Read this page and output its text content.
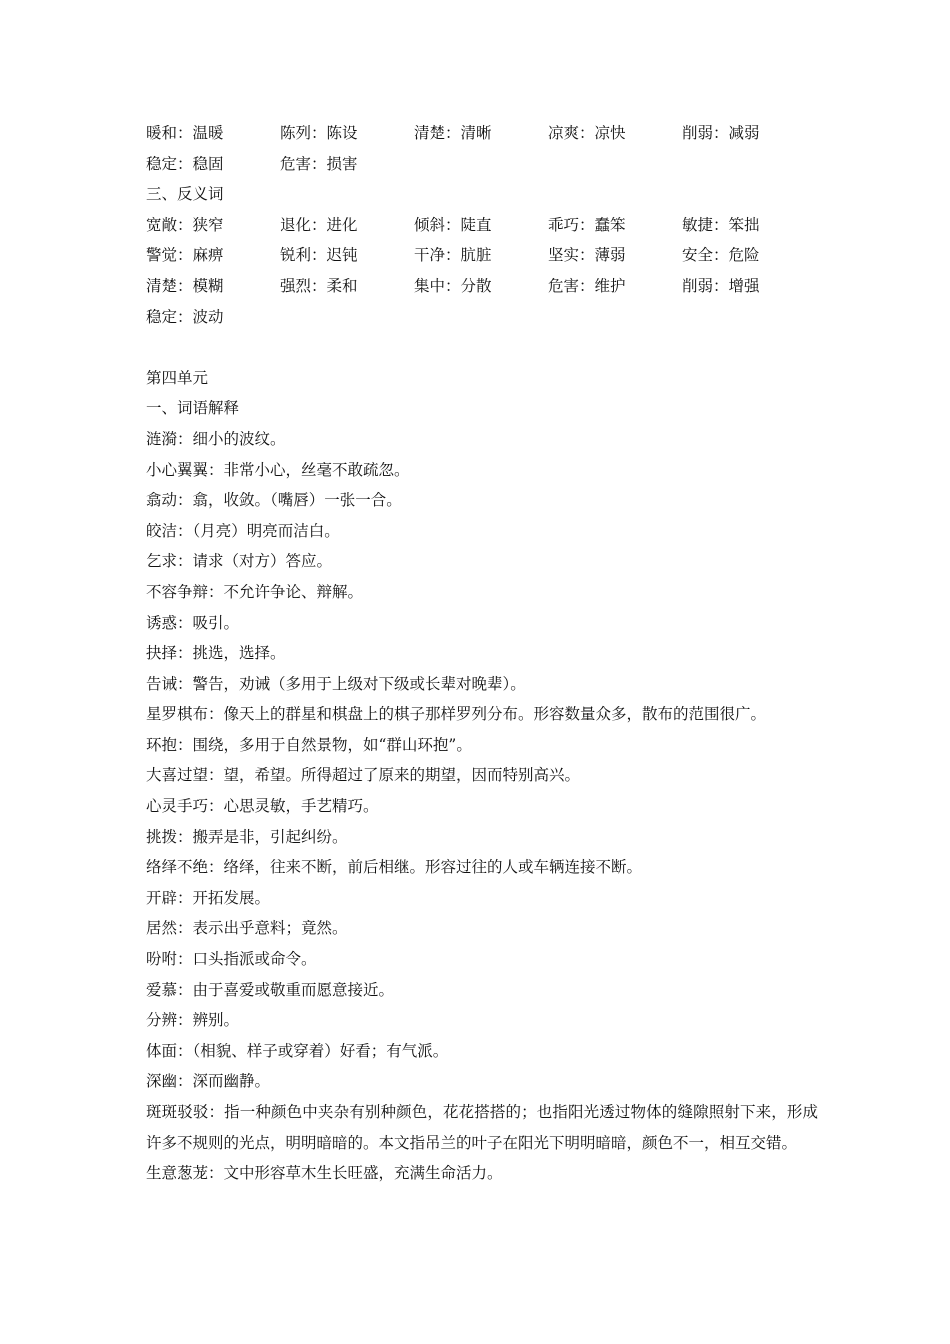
暖和：温暖	陈列：陈设	清楚：清晰	凉爽：凉快	削弱：减弱
稳定：稳固	危害：损害
三、反义词
宽敞：狭窄	退化：进化	倾斜：陡直	乖巧：蠢笨	敏捷：笨拙
警觉：麻痹	锐利：迟钝	干净：肮脏	坚实：薄弱	安全：危险
清楚：模糊	强烈：柔和	集中：分散	危害：维护	削弱：增强
稳定：波动
第四单元
一、词语解释
涟漪：细小的波纹。
小心翼翼：非常小心，丝毫不敢疏忽。
翕动：翕，收敛。（嘴唇）一张一合。
皎洁：（月亮）明亮而洁白。
乞求：请求（对方）答应。
不容争辩：不允许争论、辩解。
诱惑：吸引。
抉择：挑选，选择。
告诫：警告，劝诫（多用于上级对下级或长辈对晚辈）。
星罗棋布：像天上的群星和棋盘上的棋子那样罗列分布。形容数量众多，散布的范围很广。
环抱：围绕，多用于自然景物，如“群山环抱”。
大喜过望：望，希望。所得超过了原来的期望，因而特别高兴。
心灵手巧：心思灵敏，手艺精巧。
挑拨：搬弄是非，引起纠纷。
络绎不绝：络绎，往来不断，前后相继。形容过往的人或车辆连接不断。
开辟：开拓发展。
居然：表示出乎意料；竟然。
吩咐：口头指派或命令。
爱慕：由于喜爱或敬重而愿意接近。
分辨：辨别。
体面：（相貌、样子或穿着）好看；有气派。
深幽：深而幽静。
斑斑驳驳：指一种颜色中夹杂有别种颜色，花花搭搭的；也指阳光透过物体的缝隙照射下来，形成许多不规则的光点，明明暗暗的。本文指吊兰的叶子在阳光下明明暗暗，颜色不一，相互交错。
生意葱茏：文中形容草木生长旺盛，充满生命活力。
